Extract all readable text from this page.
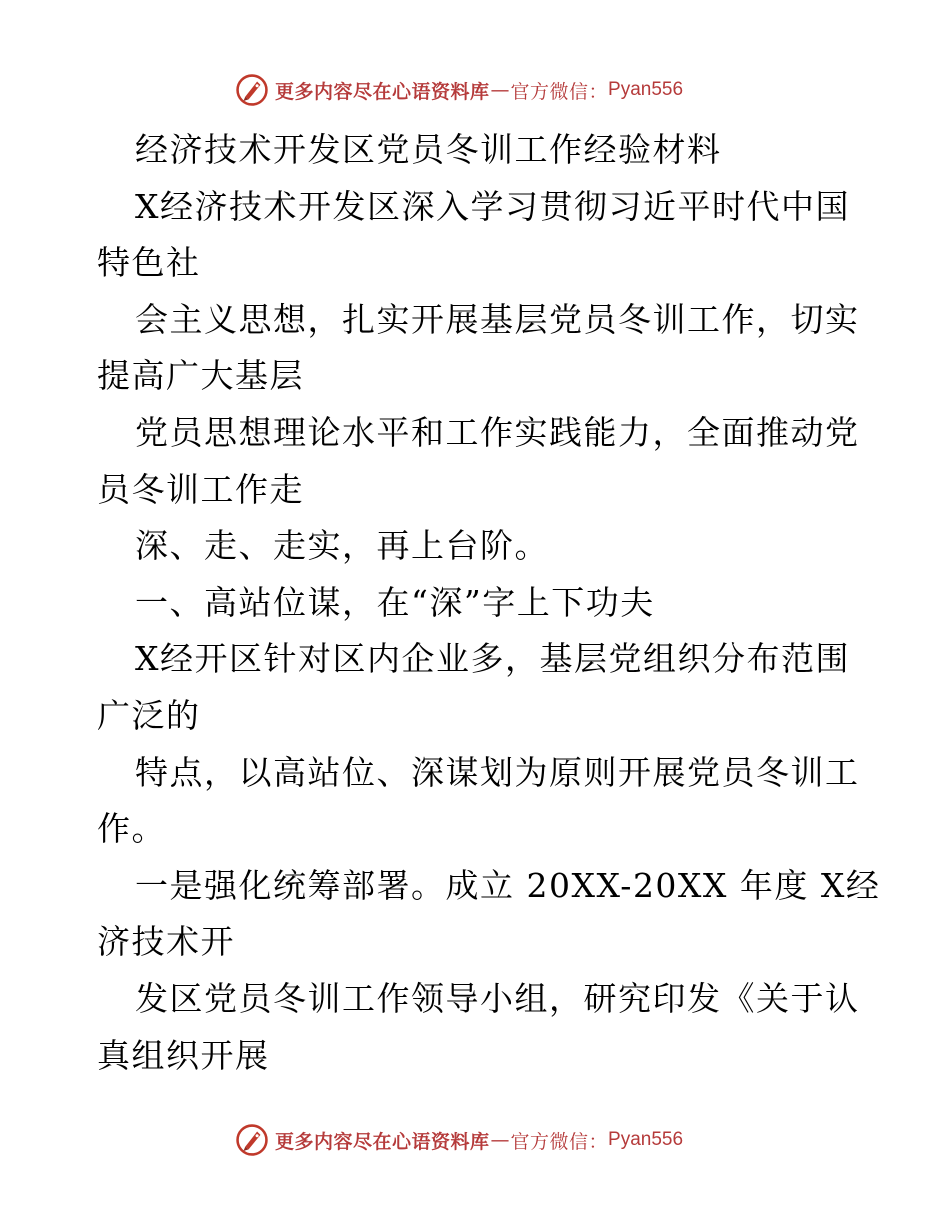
更多内容尽在心语资料库 — 官方微信： Pyan556
经济技术开发区党员冬训工作经验材料
X经济技术开发区深入学习贯彻习近平时代中国
特色社
会主义思想，扎实开展基层党员冬训工作，切实
提高广大基层
党员思想理论水平和工作实践能力，全面推动党
员冬训工作走
深、走、走实，再上台阶。
一、高站位谋，在“深”字上下功夫
X经开区针对区内企业多，基层党组织分布范围
广泛的
特点，以高站位、深谋划为原则开展党员冬训工
作。
一是强化统筹部署。成立 20XX-20XX 年度 X经
济技术开
发区党员冬训工作领导小组，研究印发《关于认
真组织开展
更多内容尽在心语资料库 — 官方微信： Pyan556
